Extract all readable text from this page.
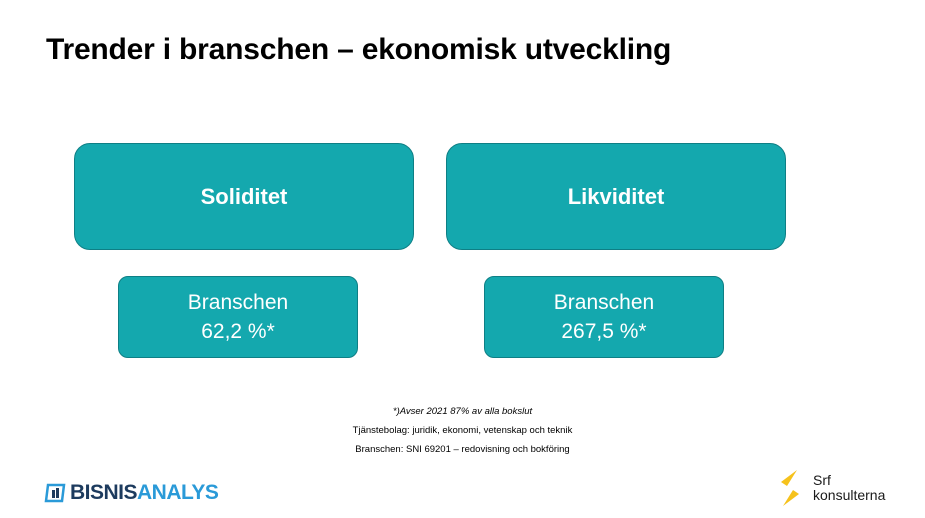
Trender i branschen – ekonomisk utveckling
Soliditet	Likviditet
Branschen
62,2 %*
Branschen
267,5 %*
*)Avser 2021 87% av alla bokslut
Tjänstebolag: juridik, ekonomi, vetenskap och teknik
Branschen: SNI 69201 – redovisning och bokföring
BISNISANALYS
Srf
konsulterna
